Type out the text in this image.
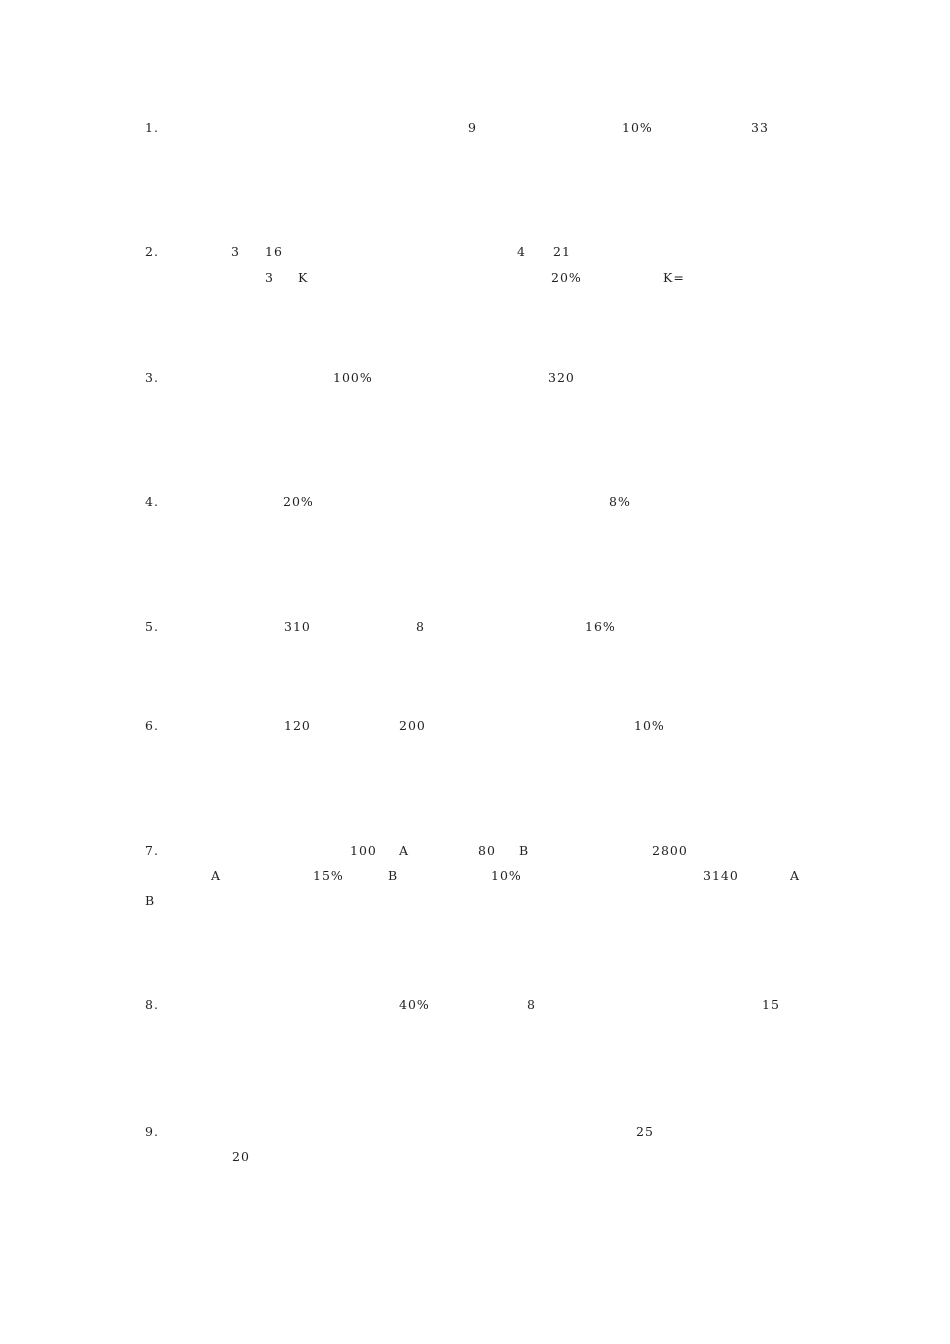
1.	9	10%	33
2.	3 16	4 21
3 K	20%	K=
3.	100%	320
4.	20%	8%
5.	310	8	16%
6.	120	200	10%
7.	100 A	80 B	2800
A	15%	B	10%	3140	A
B
8.	40%	8	15
9.	25
20
